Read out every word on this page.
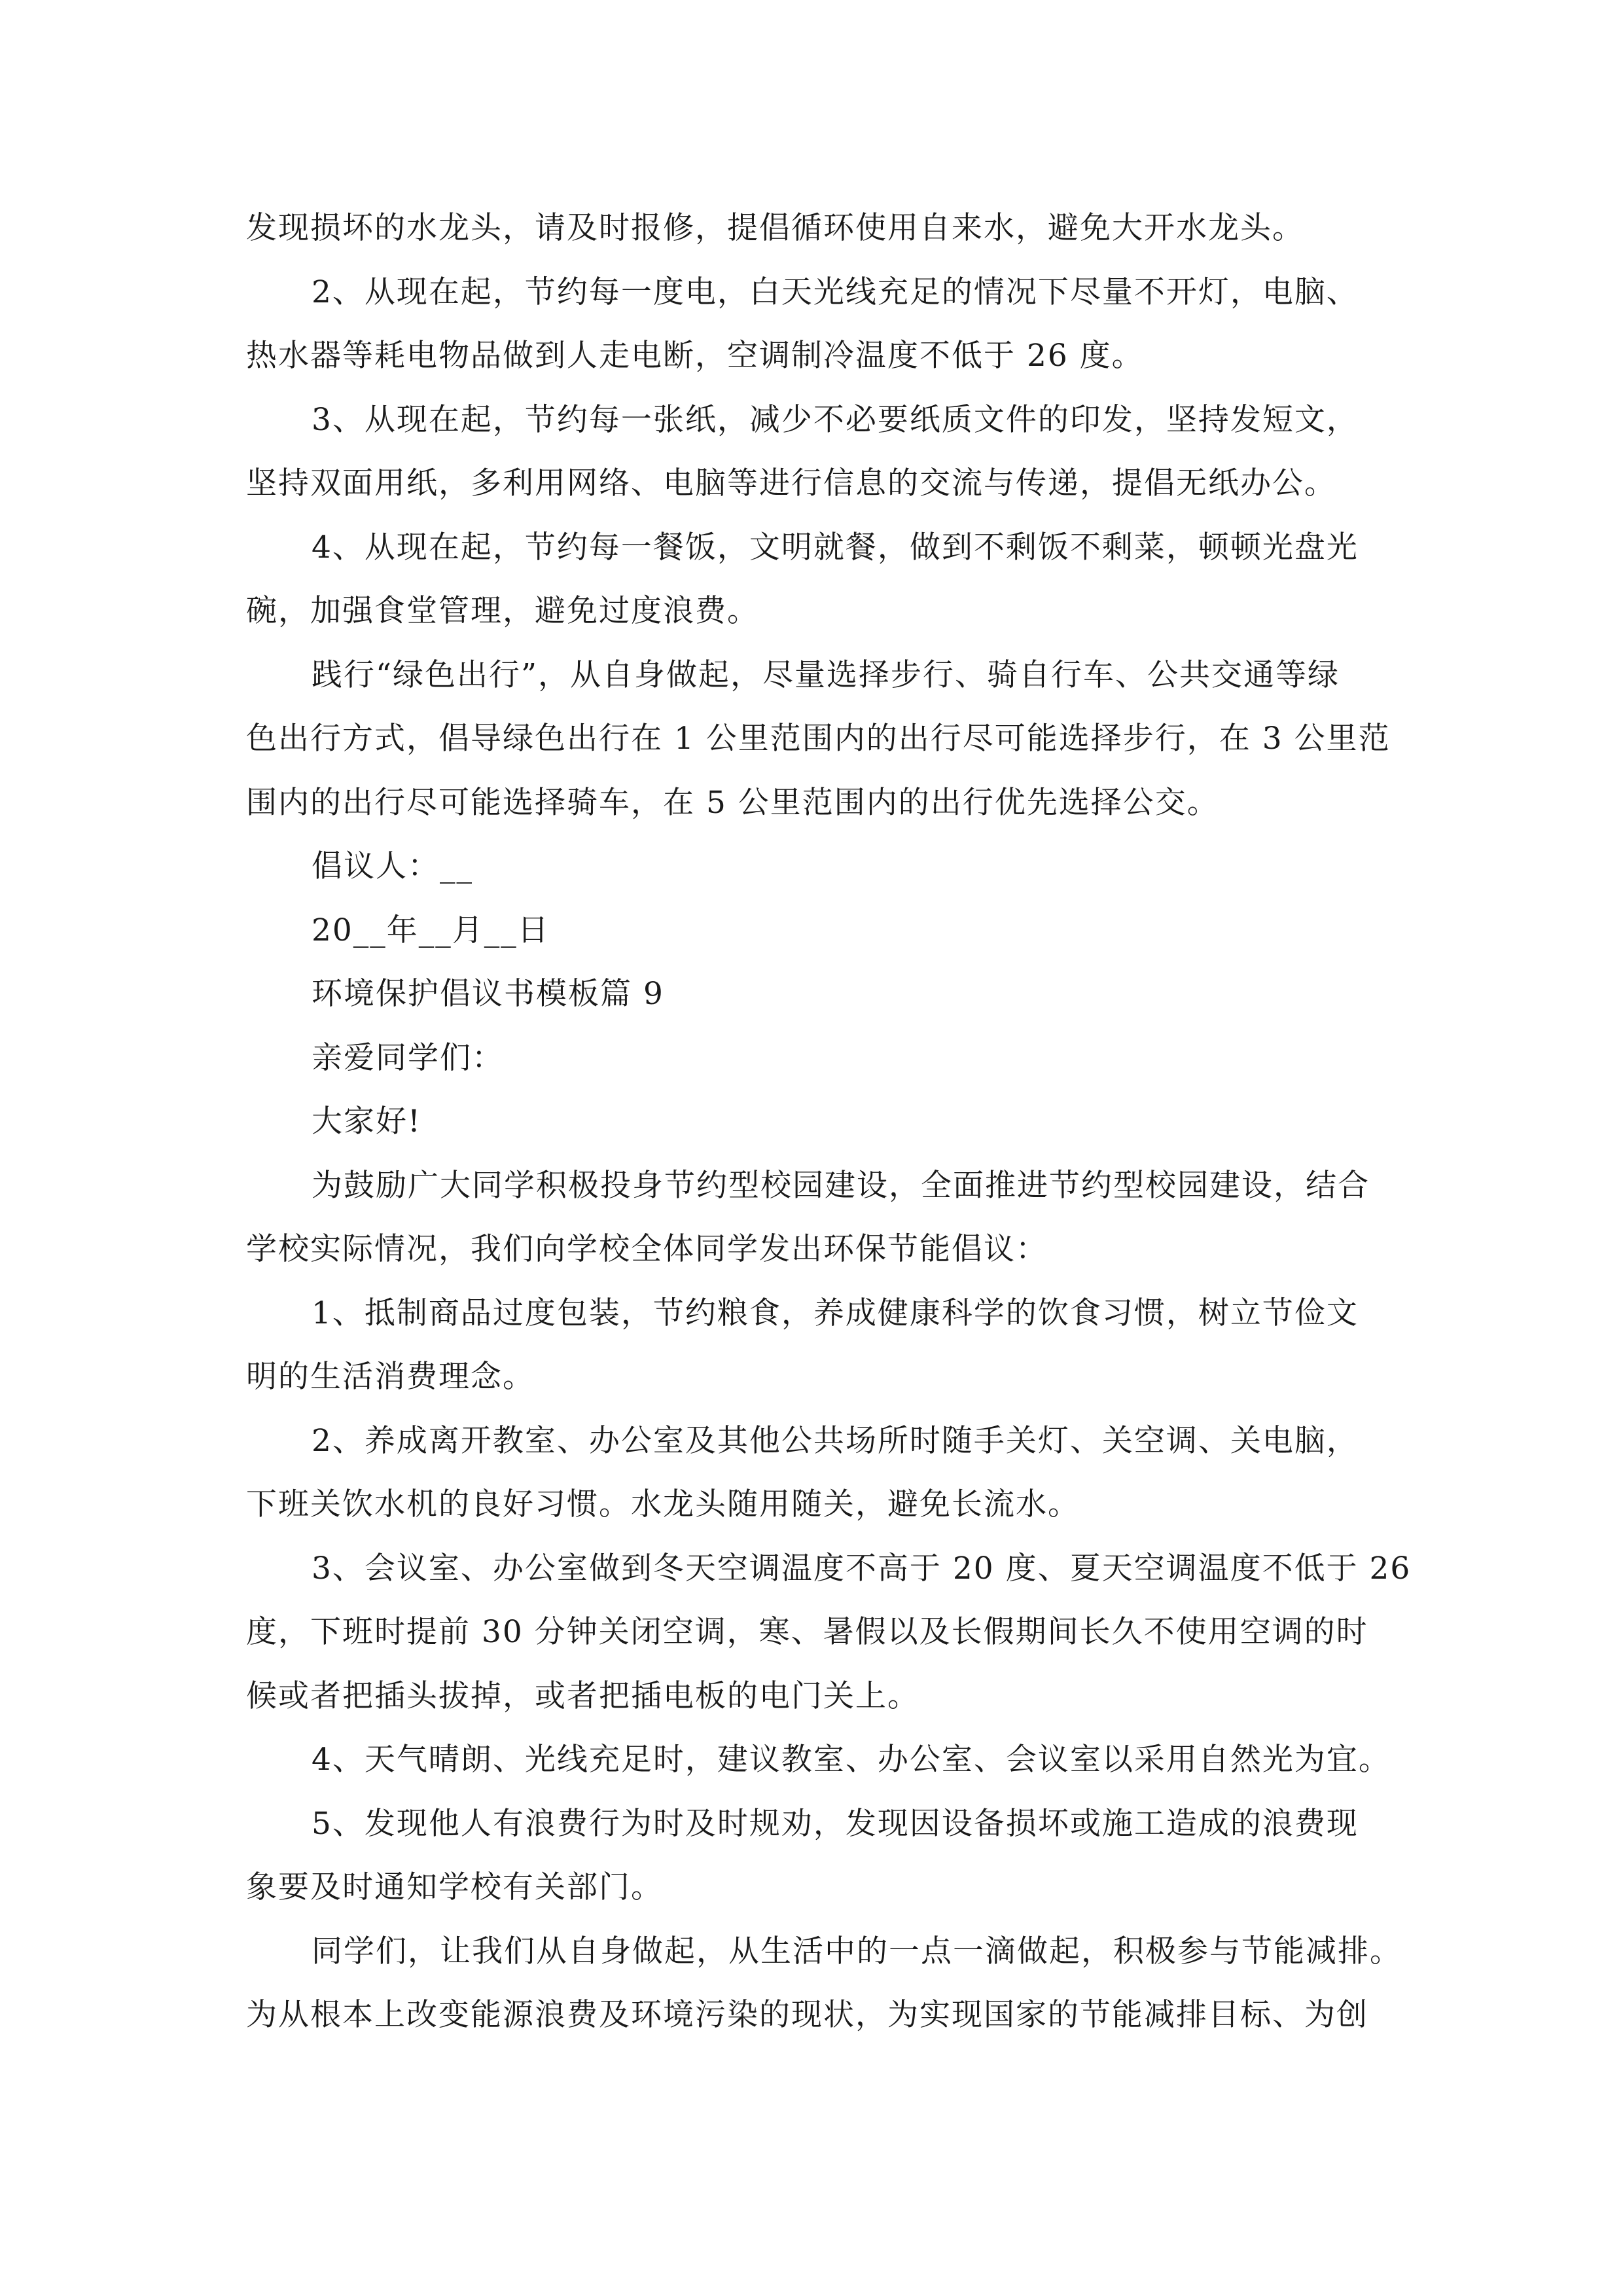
发现损坏的水龙头，请及时报修，提倡循环使用自来水，避免大开水龙头。
2、从现在起，节约每一度电，白天光线充足的情况下尽量不开灯，电脑、
热水器等耗电物品做到人走电断，空调制冷温度不低于 26 度。
3、从现在起，节约每一张纸，减少不必要纸质文件的印发，坚持发短文，
坚持双面用纸，多利用网络、电脑等进行信息的交流与传递，提倡无纸办公。
4、从现在起，节约每一餐饭，文明就餐，做到不剩饭不剩菜，顿顿光盘光
碗，加强食堂管理，避免过度浪费。
践行“绿色出行”，从自身做起，尽量选择步行、骑自行车、公共交通等绿
色出行方式，倡导绿色出行在 1 公里范围内的出行尽可能选择步行，在 3 公里范
围内的出行尽可能选择骑车，在 5 公里范围内的出行优先选择公交。
倡议人：__
20__年__月__日
环境保护倡议书模板篇 9
亲爱同学们：
大家好!
为鼓励广大同学积极投身节约型校园建设，全面推进节约型校园建设，结合
学校实际情况，我们向学校全体同学发出环保节能倡议：
1、抵制商品过度包装，节约粮食，养成健康科学的饮食习惯，树立节俭文
明的生活消费理念。
2、养成离开教室、办公室及其他公共场所时随手关灯、关空调、关电脑，
下班关饮水机的良好习惯。水龙头随用随关，避免长流水。
3、会议室、办公室做到冬天空调温度不高于 20 度、夏天空调温度不低于 26
度，下班时提前 30 分钟关闭空调，寒、暑假以及长假期间长久不使用空调的时
候或者把插头拔掉，或者把插电板的电门关上。
4、天气晴朗、光线充足时，建议教室、办公室、会议室以采用自然光为宜。
5、发现他人有浪费行为时及时规劝，发现因设备损坏或施工造成的浪费现
象要及时通知学校有关部门。
同学们，让我们从自身做起，从生活中的一点一滴做起，积极参与节能减排。
为从根本上改变能源浪费及环境污染的现状，为实现国家的节能减排目标、为创
